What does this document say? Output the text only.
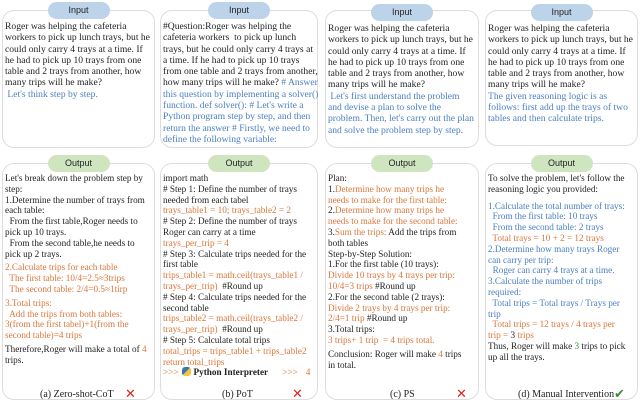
Input
Roger was helping the cafeteria
workers to pick up lunch trays, but he
could only carry 4 trays at a time. If
he had to pick up 10 trays from one
table and 2 trays from another, how
many trips will he make?
Let's think step by step.
Output
Let's break down the problem step by
step:
1.Determine the number of trays from
each table:
From the first table,Roger needs to
pick up 10 trays.
From the second table,he needs to
pick up 2 trays.
2.Calculate trips for each table
The first table: 10/4=2.5≈3trips
The second table: 2/4=0.5≈1tirp
3.Total trips:
Add the trips from both tables:
3(from the first tabel)+1(from the
second table)=4 trips
Therefore,Roger will make a total of 4
trips.
(a) Zero-shot-CoT ✕
Input
#Question:Roger was helping the
cafeteria workers  to pick up lunch
trays, but he could only carry 4 trays at
a time. If he had to pick up 10 trays
from one table and 2 trays from another,
how many trips will he make? # Answer
this question by implementing a solver()
function. def solver(): # Let's write a
Python program step by step, and then
return the answer # Firstly, we need to
define the following variable:
Output
import math
# Step 1: Define the number of trays
needed from each tabel
trays_table1 = 10; trays_table2 = 2
# Step 2: Define the number of trays
Roger can carry at a time
trays_per_trip = 4
# Step 3: Calculate trips needed for the
first table
trips_table1 = math.ceil(trays_table1 /
trays_per_trip)  #Round up
# Step 4: Calculate trips needed for the
second table
trips_table2 = math.ceil(trays_table2 /
trays_per_trip)  #Round up
# Step 5: Calculate total trips
total_trips = trips_table1 + trips_table2
return total_trips
>>> Python Interpreter >>> 4
(b) PoT	✕
Input
Roger was helping the cafeteria
workers to pick up lunch trays, but he
could only carry 4 trays at a time. If
he had to pick up 10 trays from one
table and 2 trays from another, how
many trips will he make?
Let's first understand the problem
and devise a plan to solve the
problem. Then, let's carry out the plan
and solve the problem step by step.
Output
Plan:
1.Determine how many trips he
needs to make for the first table:
2.Determine how many trips he
needs to make for the second table:
3.Sum the trips: Add the trips from
both tables
Step-by-Step Solution:
1.For the first table (10 trays):
Divide 10 trays by 4 trays per trip:
10/4=3 trips #Round up
2.For the second table (2 trays):
Divide 2 trays by 4 trays per trip:
2/4=1 trip #Round up
3.Total trips:
3 trips+ 1 trip  = 4 trips total.
Conclusion: Roger will make 4 trips
in total.
(c) PS	✕
Input
Roger was helping the cafeteria
workers to pick up lunch trays, but he
could only carry 4 trays at a time. If
he had to pick up 10 trays from one
table and 2 trays from another, how
many trips will he make?
The given reasoning logic is as
follows: first add up the trays of two
tables and then calculate trips.
Output
To solve the problem, let's follow the
reasoning logic you provided:
1.Calculate the total number of trays:
From the first table: 10 trays
From the second table: 2 trays
Total trays = 10 + 2 = 12 trays
2.Determine how many trays Roger
can carry per trip:
Roger can carry 4 trays at a time.
3.Calculate the number of trips
required:
Total trips = Total trays / Trays per
trip
Total trips = 12 trays / 4 trays per
trip = 3 trips
Thus, Roger will make 3 trips to pick
up all the trays.
(d) Manual Intervention ✔
